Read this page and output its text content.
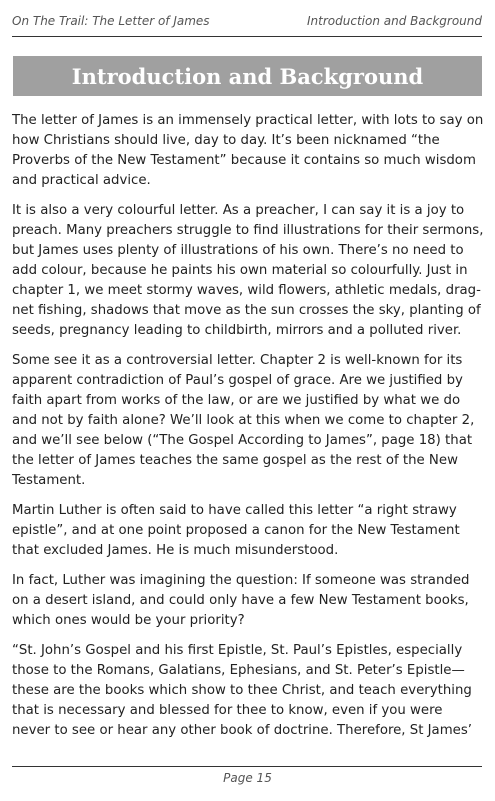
On The Trail: The Letter of James	Introduction and Background
Introduction and Background

The letter of James is an immensely practical letter, with lots to say on how Christians should live, day to day. It’s been nicknamed “the Proverbs of the New Testament” because it contains so much wisdom and practical advice.

It is also a very colourful letter. As a preacher, I can say it is a joy to preach. Many preachers struggle to find illustrations for their sermons, but James uses plenty of illustrations of his own. There’s no need to add colour, because he paints his own material so colourfully. Just in chapter 1, we meet stormy waves, wild flowers, athletic medals, drag-net fishing, shadows that move as the sun crosses the sky, planting of seeds, pregnancy leading to childbirth, mirrors and a polluted river.

Some see it as a controversial letter. Chapter 2 is well-known for its apparent contradiction of Paul’s gospel of grace. Are we justified by faith apart from works of the law, or are we justified by what we do and not by faith alone? We’ll look at this when we come to chapter 2, and we’ll see below (“The Gospel According to James”, page 18) that the letter of James teaches the same gospel as the rest of the New Testament.

Martin Luther is often said to have called this letter “a right strawy epistle”, and at one point proposed a canon for the New Testament that excluded James. He is much misunderstood.

In fact, Luther was imagining the question: If someone was stranded on a desert island, and could only have a few New Testament books, which ones would be your priority?

“St. John’s Gospel and his first Epistle, St. Paul’s Epistles, especially those to the Romans, Galatians, Ephesians, and St. Peter’s Epistle—these are the books which show to thee Christ, and teach everything that is necessary and blessed for thee to know, even if you were never to see or hear any other book of doctrine. Therefore, St James’

Page 15
